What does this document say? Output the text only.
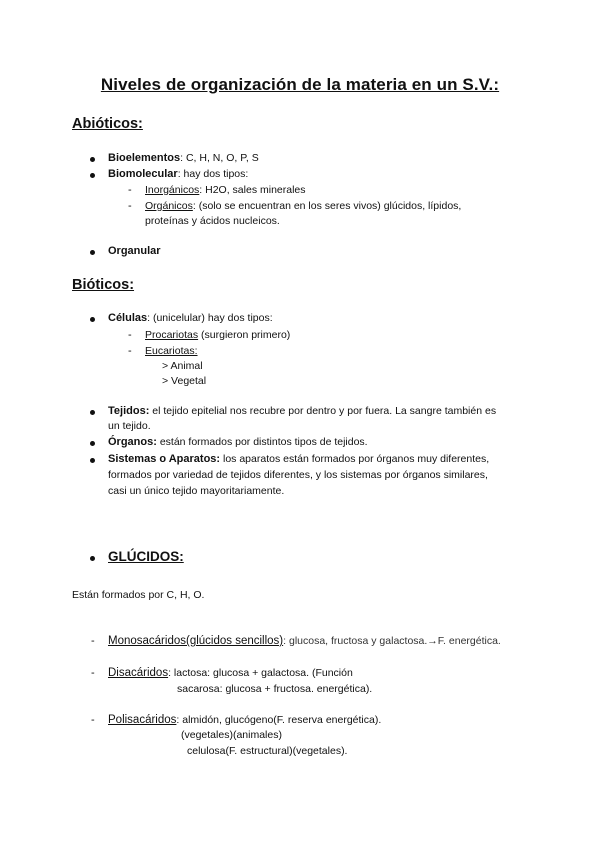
Niveles de organización de la materia en un S.V.:
Abióticos:
Bioelementos: C, H, N, O, P, S
Biomolecular: hay dos tipos:
- Inorgánicos: H2O, sales minerales
- Orgánicos: (solo se encuentran en los seres vivos) glúcidos, lípidos,
proteínas y ácidos nucleicos.
Organular
Bióticos:
Células: (unicelular) hay dos tipos:
- Procariotas (surgieron primero)
- Eucariotas:
> Animal
> Vegetal
Tejidos: el tejido epitelial nos recubre por dentro y por fuera. La sangre también es
un tejido.
Órganos: están formados por distintos tipos de tejidos.
Sistemas o Aparatos: los aparatos están formados por órganos muy diferentes,
formados por variedad de tejidos diferentes, y los sistemas por órganos similares,
casi un único tejido mayoritariamente.
GLÚCIDOS:
Están formados por C, H, O.
- Monosacáridos(glúcidos sencillos): glucosa, fructosa y galactosa.→F. energética.
- Disacáridos: lactosa: glucosa + galactosa. (Función
sacarosa: glucosa + fructosa. energética).
- Polisacáridos: almidón, glucógeno(F. reserva energética).
(vegetales)(animales)
celulosa(F. estructural)(vegetales).
